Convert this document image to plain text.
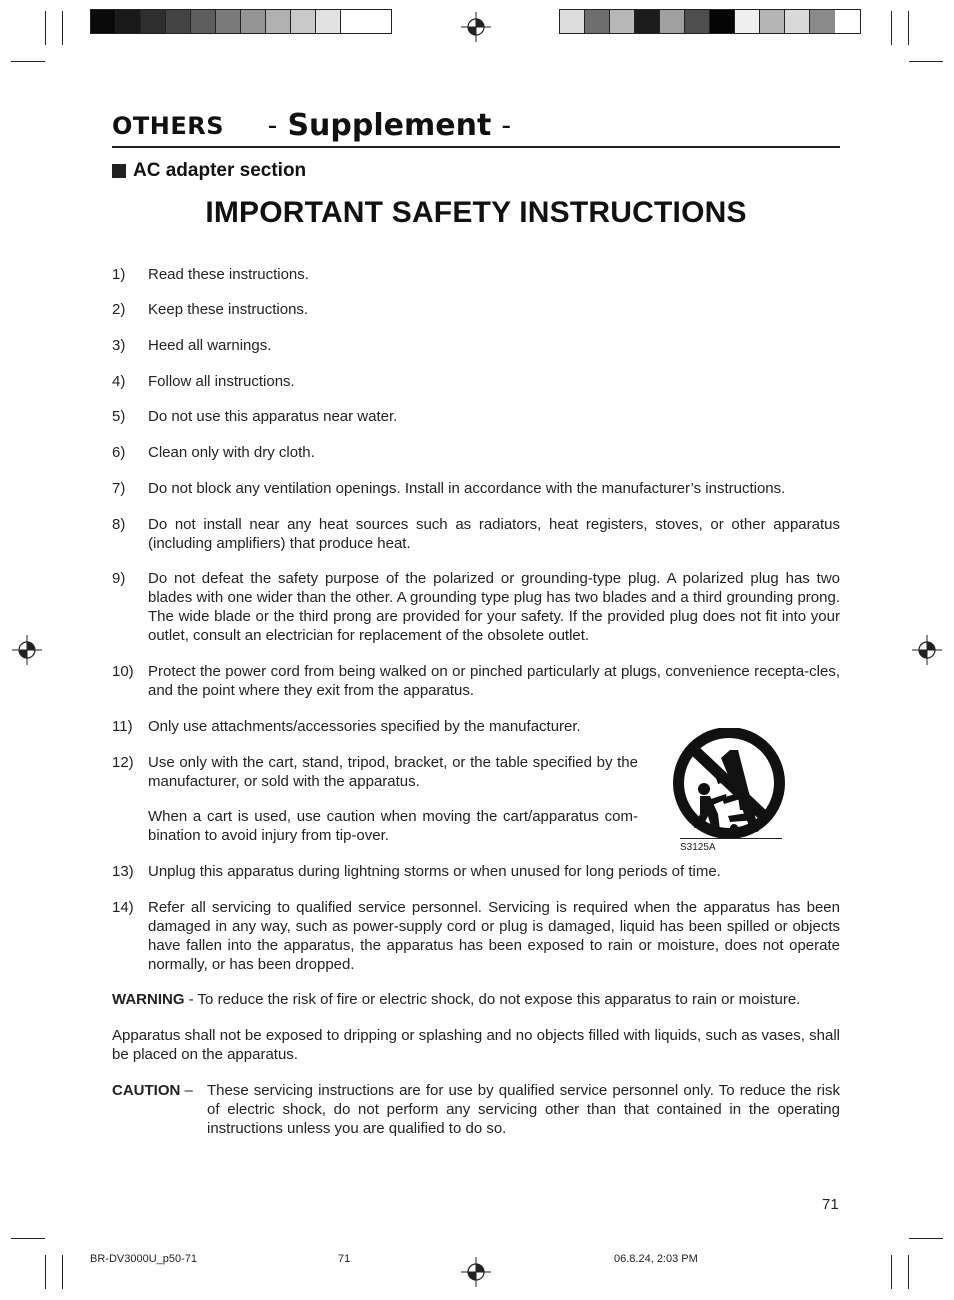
OTHERS – Supplement –
AC adapter section
IMPORTANT SAFETY INSTRUCTIONS
1)	Read these instructions.
2)	Keep these instructions.
3)	Heed all warnings.
4)	Follow all instructions.
5)	Do not use this apparatus near water.
6)	Clean only with dry cloth.
7)	Do not block any ventilation openings. Install in accordance with the manufacturer’s instructions.
8)	Do not install near any heat sources such as radiators, heat registers, stoves, or other apparatus (including amplifiers) that produce heat.
9)	Do not defeat the safety purpose of the polarized or grounding-type plug. A polarized plug has two blades with one wider than the other. A grounding type plug has two blades and a third grounding prong. The wide blade or the third prong are provided for your safety. If the provided plug does not fit into your outlet, consult an electrician for replacement of the obsolete outlet.
10) Protect the power cord from being walked on or pinched particularly at plugs, convenience recepta-cles, and the point where they exit from the apparatus.
11)	Only use attachments/accessories specified by the manufacturer.
12) Use only with the cart, stand, tripod, bracket, or the table specified by the manufacturer, or sold with the apparatus.
When a cart is used, use caution when moving the cart/apparatus com-bination to avoid injury from tip-over.
S3125A
13) Unplug this apparatus during lightning storms or when unused for long periods of time.
14) Refer all servicing to qualified service personnel. Servicing is required when the apparatus has been damaged in any way, such as power-supply cord or plug is damaged, liquid has been spilled or objects have fallen into the apparatus, the apparatus has been exposed to rain or moisture, does not operate normally, or has been dropped.
WARNING - To reduce the risk of fire or electric shock, do not expose this apparatus to rain or moisture.
Apparatus shall not be exposed to dripping or splashing and no objects filled with liquids, such as vases, shall be placed on the apparatus.
CAUTION – These servicing instructions are for use by qualified service personnel only. To reduce the risk of electric shock, do not perform any servicing other than that contained in the operating instructions unless you are qualified to do so.
71
BR-DV3000U_p50-71	71	06.8.24, 2:03 PM
